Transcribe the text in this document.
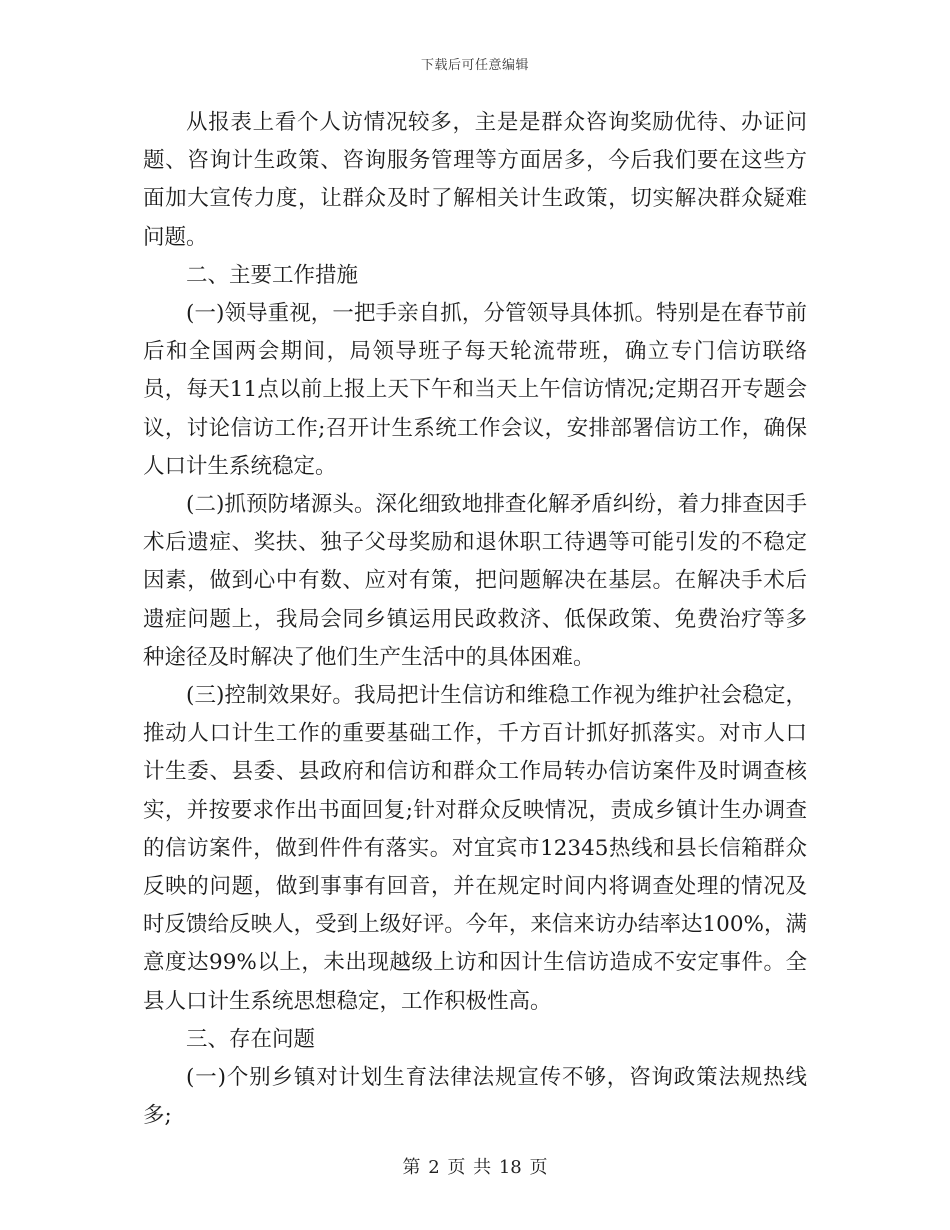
下载后可任意编辑

从报表上看个人访情况较多，主是是群众咨询奖励优待、办证问题、咨询计生政策、咨询服务管理等方面居多，今后我们要在这些方面加大宣传力度，让群众及时了解相关计生政策，切实解决群众疑难问题。

二、主要工作措施

(一)领导重视，一把手亲自抓，分管领导具体抓。特别是在春节前后和全国两会期间，局领导班子每天轮流带班，确立专门信访联络员，每天11点以前上报上天下午和当天上午信访情况;定期召开专题会议，讨论信访工作;召开计生系统工作会议，安排部署信访工作，确保人口计生系统稳定。

(二)抓预防堵源头。深化细致地排查化解矛盾纠纷，着力排查因手术后遗症、奖扶、独子父母奖励和退休职工待遇等可能引发的不稳定因素，做到心中有数、应对有策，把问题解决在基层。在解决手术后遗症问题上，我局会同乡镇运用民政救济、低保政策、免费治疗等多种途径及时解决了他们生产生活中的具体困难。

(三)控制效果好。我局把计生信访和维稳工作视为维护社会稳定，推动人口计生工作的重要基础工作，千方百计抓好抓落实。对市人口计生委、县委、县政府和信访和群众工作局转办信访案件及时调查核实，并按要求作出书面回复;针对群众反映情况，责成乡镇计生办调查的信访案件，做到件件有落实。对宜宾市12345热线和县长信箱群众反映的问题，做到事事有回音，并在规定时间内将调查处理的情况及时反馈给反映人，受到上级好评。今年，来信来访办结率达100%，满意度达99%以上，未出现越级上访和因计生信访造成不安定事件。全县人口计生系统思想稳定，工作积极性高。

三、存在问题

(一)个别乡镇对计划生育法律法规宣传不够，咨询政策法规热线多;

第 2 页 共 18 页
